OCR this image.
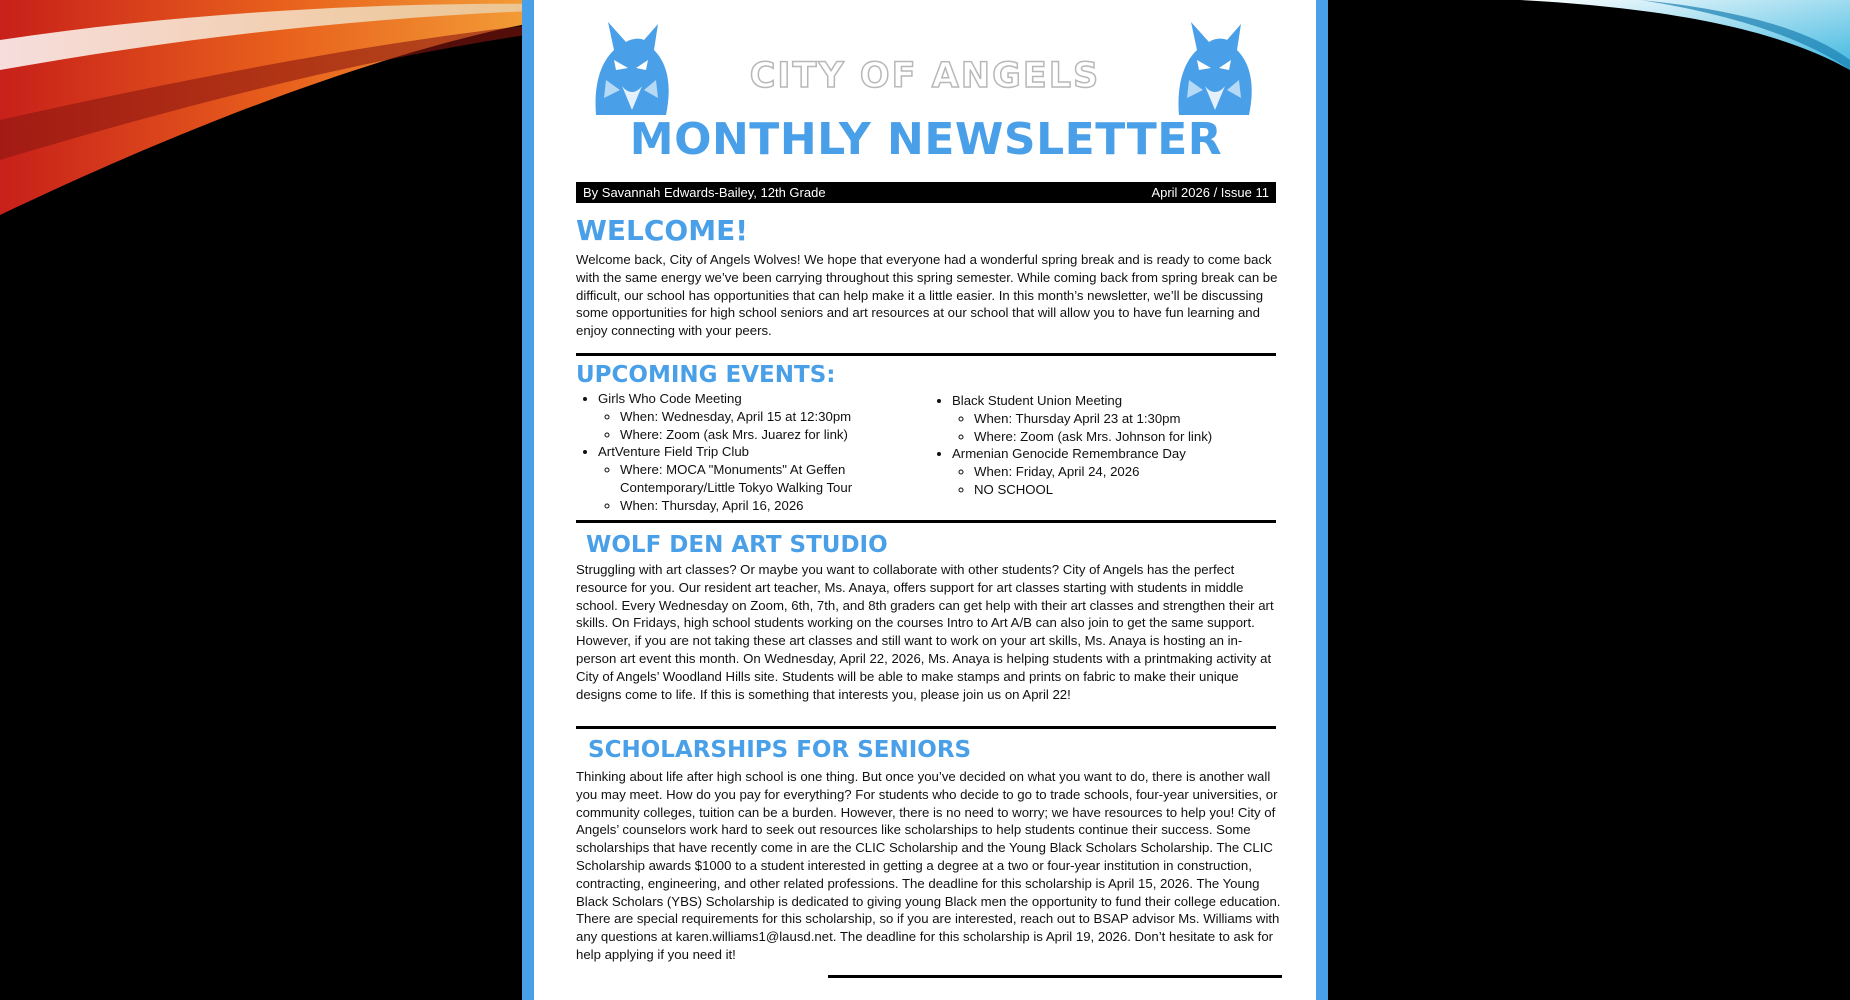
CITY OF ANGELS
MONTHLY NEWSLETTER
By Savannah Edwards-Bailey, 12th Grade	April 2026 / Issue 11
WELCOME!

Welcome back, City of Angels Wolves! We hope that everyone had a wonderful spring break and is ready to come back with the same energy we’ve been carrying throughout this spring semester. While coming back from spring break can be difficult, our school has opportunities that can help make it a little easier. In this month’s newsletter, we’ll be discussing some opportunities for high school seniors and art resources at our school that will allow you to have fun learning and enjoy connecting with your peers.

UPCOMING EVENTS:
• Girls Who Code Meeting
◦ When: Wednesday, April 15 at 12:30pm
◦ Where: Zoom (ask Mrs. Juarez for link)
• ArtVenture Field Trip Club
◦ Where: MOCA "Monuments" At Geffen Contemporary/Little Tokyo Walking Tour
◦ When: Thursday, April 16, 2026
• Black Student Union Meeting
◦ When: Thursday April 23 at 1:30pm
◦ Where: Zoom (ask Mrs. Johnson for link)
• Armenian Genocide Remembrance Day
◦ When: Friday, April 24, 2026
◦ NO SCHOOL
WOLF DEN ART STUDIO

Struggling with art classes? Or maybe you want to collaborate with other students? City of Angels has the perfect resource for you. Our resident art teacher, Ms. Anaya, offers support for art classes starting with students in middle school. Every Wednesday on Zoom, 6th, 7th, and 8th graders can get help with their art classes and strengthen their art skills. On Fridays, high school students working on the courses Intro to Art A/B can also join to get the same support. However, if you are not taking these art classes and still want to work on your art skills, Ms. Anaya is hosting an in-person art event this month. On Wednesday, April 22, 2026, Ms. Anaya is helping students with a printmaking activity at City of Angels’ Woodland Hills site. Students will be able to make stamps and prints on fabric to make their unique designs come to life. If this is something that interests you, please join us on April 22!

SCHOLARSHIPS FOR SENIORS

Thinking about life after high school is one thing. But once you’ve decided on what you want to do, there is another wall you may meet. How do you pay for everything? For students who decide to go to trade schools, four-year universities, or community colleges, tuition can be a burden. However, there is no need to worry; we have resources to help you! City of Angels’ counselors work hard to seek out resources like scholarships to help students continue their success. Some scholarships that have recently come in are the CLIC Scholarship and the Young Black Scholars Scholarship. The CLIC Scholarship awards $1000 to a student interested in getting a degree at a two or four-year institution in construction, contracting, engineering, and other related professions. The deadline for this scholarship is April 15, 2026. The Young Black Scholars (YBS) Scholarship is dedicated to giving young Black men the opportunity to fund their college education. There are special requirements for this scholarship, so if you are interested, reach out to BSAP advisor Ms. Williams with any questions at karen.williams1@lausd.net. The deadline for this scholarship is April 19, 2026. Don’t hesitate to ask for help applying if you need it!
